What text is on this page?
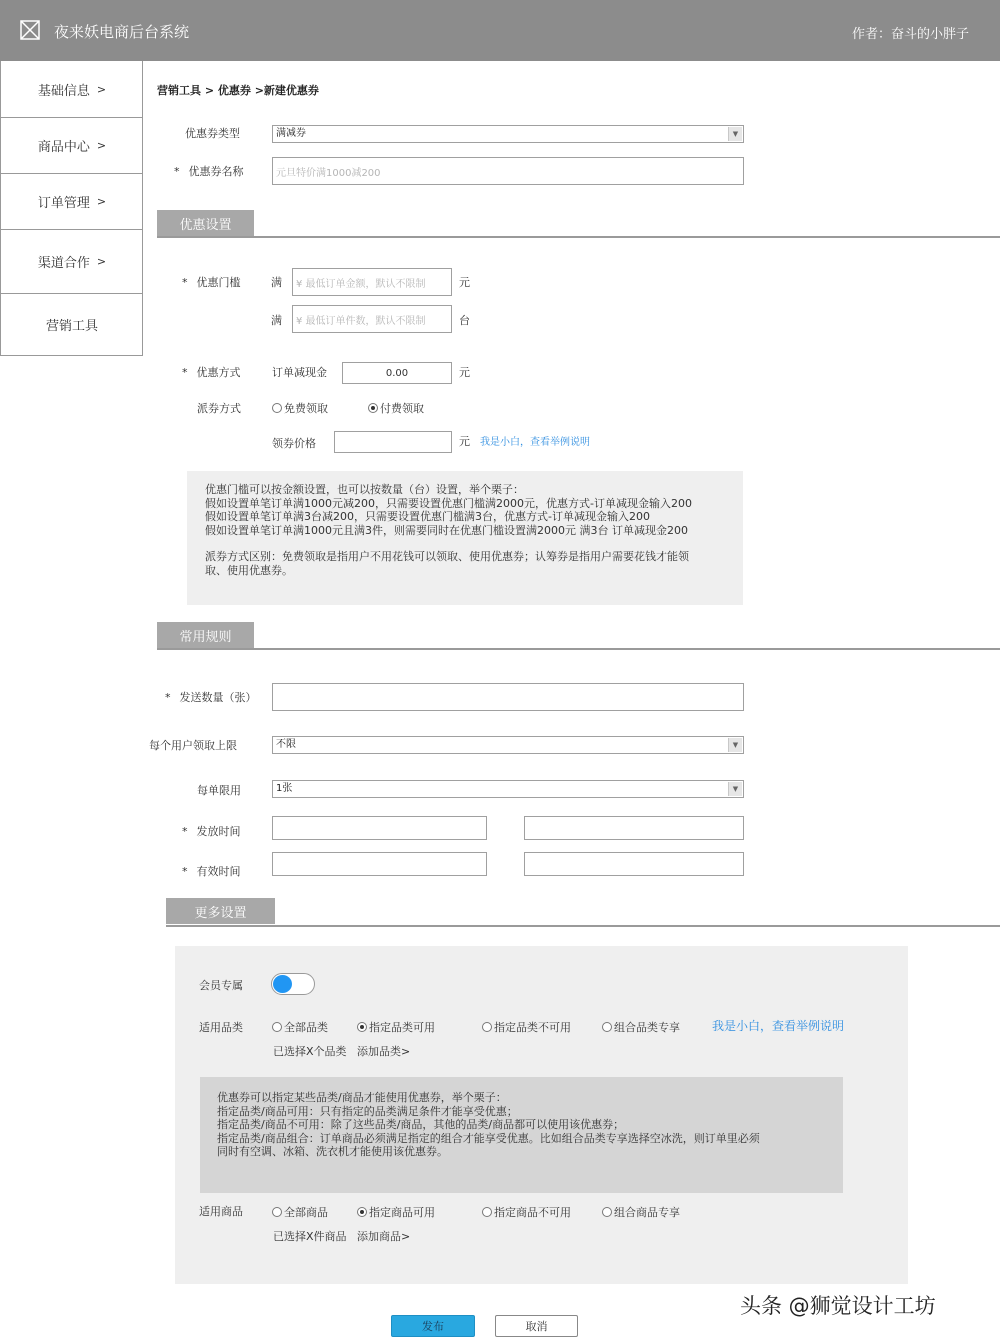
夜来妖电商后台系统	作者：奋斗的小胖子
基础信息 >
商品中心 >
订单管理 >
渠道合作 >
营销工具
营销工具 > 优惠券 >新建优惠券
优惠券类型	满减券	▼
* 优惠券名称	元旦特价满1000减200
优惠设置
* 优惠门槛	满	¥ 最低订单金额，默认不限制	元
满	¥ 最低订单件数，默认不限制	台
* 优惠方式	订单减现金	0.00	元
派券方式	免费领取	付费领取
领券价格	元 我是小白，查看举例说明
优惠门槛可以按金额设置，也可以按数量（台）设置，举个栗子：
假如设置单笔订单满1000元减200，只需要设置优惠门槛满2000元，优惠方式-订单减现金输入200
假如设置单笔订单满3台减200，只需要设置优惠门槛满3台，优惠方式-订单减现金输入200
假如设置单笔订单满1000元且满3件，则需要同时在优惠门槛设置满2000元 满3台 订单减现金200
派券方式区别：免费领取是指用户不用花钱可以领取、使用优惠券；认筹券是指用户需要花钱才能领
取、使用优惠券。
常用规则
* 发送数量（张）
每个用户领取上限	不限	▼
每单限用	1张	▼
* 发放时间
* 有效时间
更多设置
会员专属
适用品类	全部品类	指定品类可用	指定品类不可用	组合品类专享	我是小白，查看举例说明
已选择X个品类 添加品类>
优惠券可以指定某些品类/商品才能使用优惠券，举个栗子：
指定品类/商品可用：只有指定的品类满足条件才能享受优惠；
指定品类/商品不可用：除了这些品类/商品，其他的品类/商品都可以使用该优惠券；
指定品类/商品组合：订单商品必须满足指定的组合才能享受优惠。比如组合品类专享选择空冰洗，则订单里必须
同时有空调、冰箱、洗衣机才能使用该优惠券。
适用商品	全部商品	指定商品可用	指定商品不可用	组合商品专享
已选择X件商品 添加商品>
发布	取消
头条 @狮觉设计工坊
